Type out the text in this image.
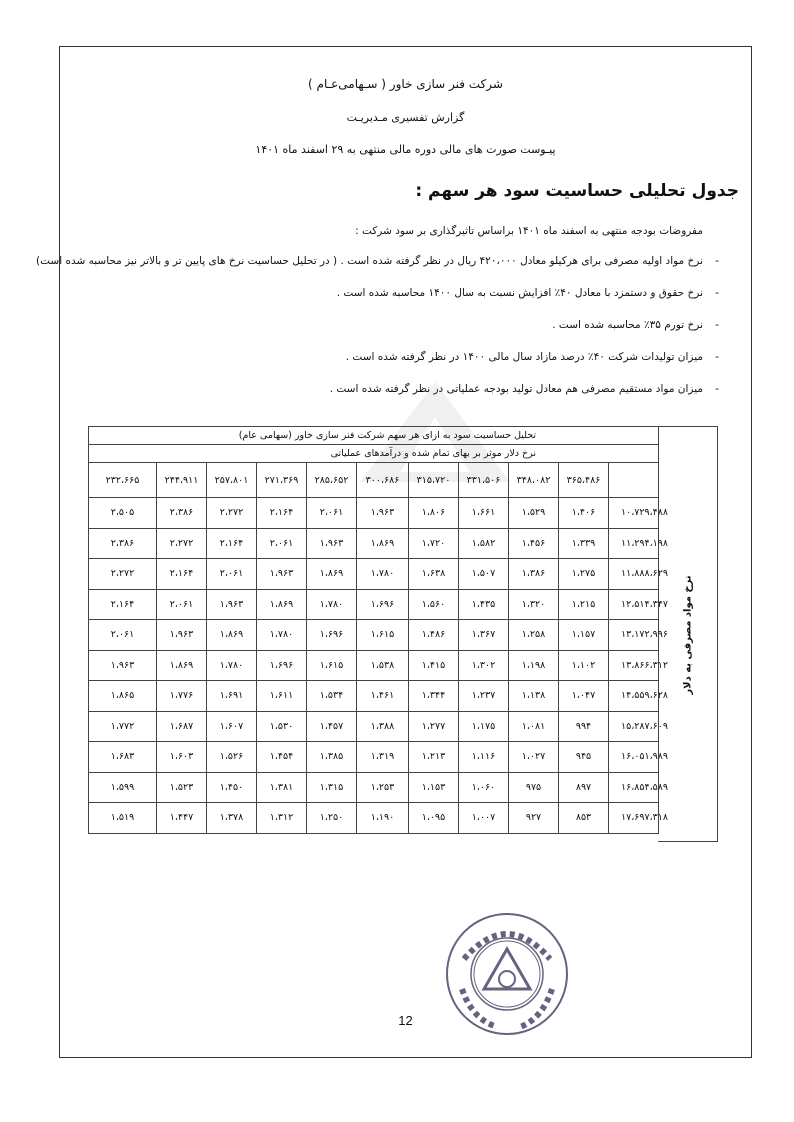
شرکت فنر سازی خاور ( سـهامی‌عـام )
گزارش تفسیری مـدیریـت
پیـوست صورت های مالی دوره مالی منتهی به ۲۹ اسفند ماه ۱۴۰۱
جدول تحلیلی حساسیت سود هر سهم :
مفروضات بودجه منتهی به اسفند ماه ۱۴۰۱ براساس تاثیرگذاری بر سود شرکت :
-نرخ مواد اولیه مصرفی برای هرکیلو معادل ۴۲۰،۰۰۰ ریال در نظر گرفته شده است . ( در تحلیل حساسیت نرخ های پایین تر و بالاتر نیز محاسبه شده است)
-نرخ حقوق و دستمزد با معادل ۴۰٪ افزایش نسبت به سال ۱۴۰۰ محاسبه شده است .
-نرخ تورم ۳۵٪ محاسبه شده است .
-میزان تولیدات شرکت ۴۰٪ درصد مازاد سال مالی ۱۴۰۰ در نظر گرفته شده است .
-میزان مواد مستقیم مصرفی هم معادل تولید بودجه عملیاتی در نظر گرفته شده است .
تحلیل حساسیت سود به ازای هر سهم شرکت فنر سازی خاور (سهامی عام)										
نرخ دلار موثر بر بهای تمام شده و درآمدهای عملیاتی										
۲۳۲،۶۶۵	۲۴۴،۹۱۱	۲۵۷،۸۰۱	۲۷۱،۳۶۹	۲۸۵،۶۵۲	۳۰۰،۶۸۶	۳۱۵،۷۲۰	۳۳۱،۵۰۶	۳۴۸،۰۸۲	۳۶۵،۴۸۶	
۲،۵۰۵	۲،۳۸۶	۲،۲۷۲	۲،۱۶۴	۲،۰۶۱	۱،۹۶۳	۱،۸۰۶	۱،۶۶۱	۱،۵۲۹	۱،۴۰۶	۱۰،۷۲۹،۴۸۸
۲،۳۸۶	۲،۲۷۲	۲،۱۶۴	۲،۰۶۱	۱،۹۶۳	۱،۸۶۹	۱،۷۲۰	۱،۵۸۲	۱،۴۵۶	۱،۳۳۹	۱۱،۲۹۴،۱۹۸
۲،۲۷۲	۲،۱۶۴	۲،۰۶۱	۱،۹۶۳	۱،۸۶۹	۱،۷۸۰	۱،۶۳۸	۱،۵۰۷	۱،۳۸۶	۱،۲۷۵	۱۱،۸۸۸،۶۲۹
۲،۱۶۴	۲،۰۶۱	۱،۹۶۳	۱،۸۶۹	۱،۷۸۰	۱،۶۹۶	۱،۵۶۰	۱،۴۳۵	۱،۳۲۰	۱،۲۱۵	۱۲،۵۱۴،۳۴۷
۲،۰۶۱	۱،۹۶۳	۱،۸۶۹	۱،۷۸۰	۱،۶۹۶	۱،۶۱۵	۱،۴۸۶	۱،۳۶۷	۱،۲۵۸	۱،۱۵۷	۱۳،۱۷۲،۹۹۶
۱،۹۶۳	۱،۸۶۹	۱،۷۸۰	۱،۶۹۶	۱،۶۱۵	۱،۵۳۸	۱،۴۱۵	۱،۳۰۲	۱،۱۹۸	۱،۱۰۲	۱۳،۸۶۶،۳۱۲
۱،۸۶۵	۱،۷۷۶	۱،۶۹۱	۱،۶۱۱	۱،۵۳۴	۱،۴۶۱	۱،۳۴۴	۱،۲۳۷	۱،۱۳۸	۱،۰۴۷	۱۴،۵۵۹،۶۲۸
۱،۷۷۲	۱،۶۸۷	۱،۶۰۷	۱،۵۳۰	۱،۴۵۷	۱،۳۸۸	۱،۲۷۷	۱،۱۷۵	۱،۰۸۱	۹۹۴	۱۵،۲۸۷،۶۰۹
۱،۶۸۳	۱،۶۰۳	۱،۵۲۶	۱،۴۵۴	۱،۳۸۵	۱،۳۱۹	۱،۲۱۳	۱،۱۱۶	۱،۰۲۷	۹۴۵	۱۶،۰۵۱،۹۸۹
۱،۵۹۹	۱،۵۲۳	۱،۴۵۰	۱،۳۸۱	۱،۳۱۵	۱،۲۵۳	۱،۱۵۳	۱،۰۶۰	۹۷۵	۸۹۷	۱۶،۸۵۴،۵۸۹
۱،۵۱۹	۱،۴۴۷	۱،۳۷۸	۱،۳۱۲	۱،۲۵۰	۱،۱۹۰	۱،۰۹۵	۱،۰۰۷	۹۲۷	۸۵۳	۱۷،۶۹۷،۳۱۸
نرخ مواد مصرفی به دلار
12
